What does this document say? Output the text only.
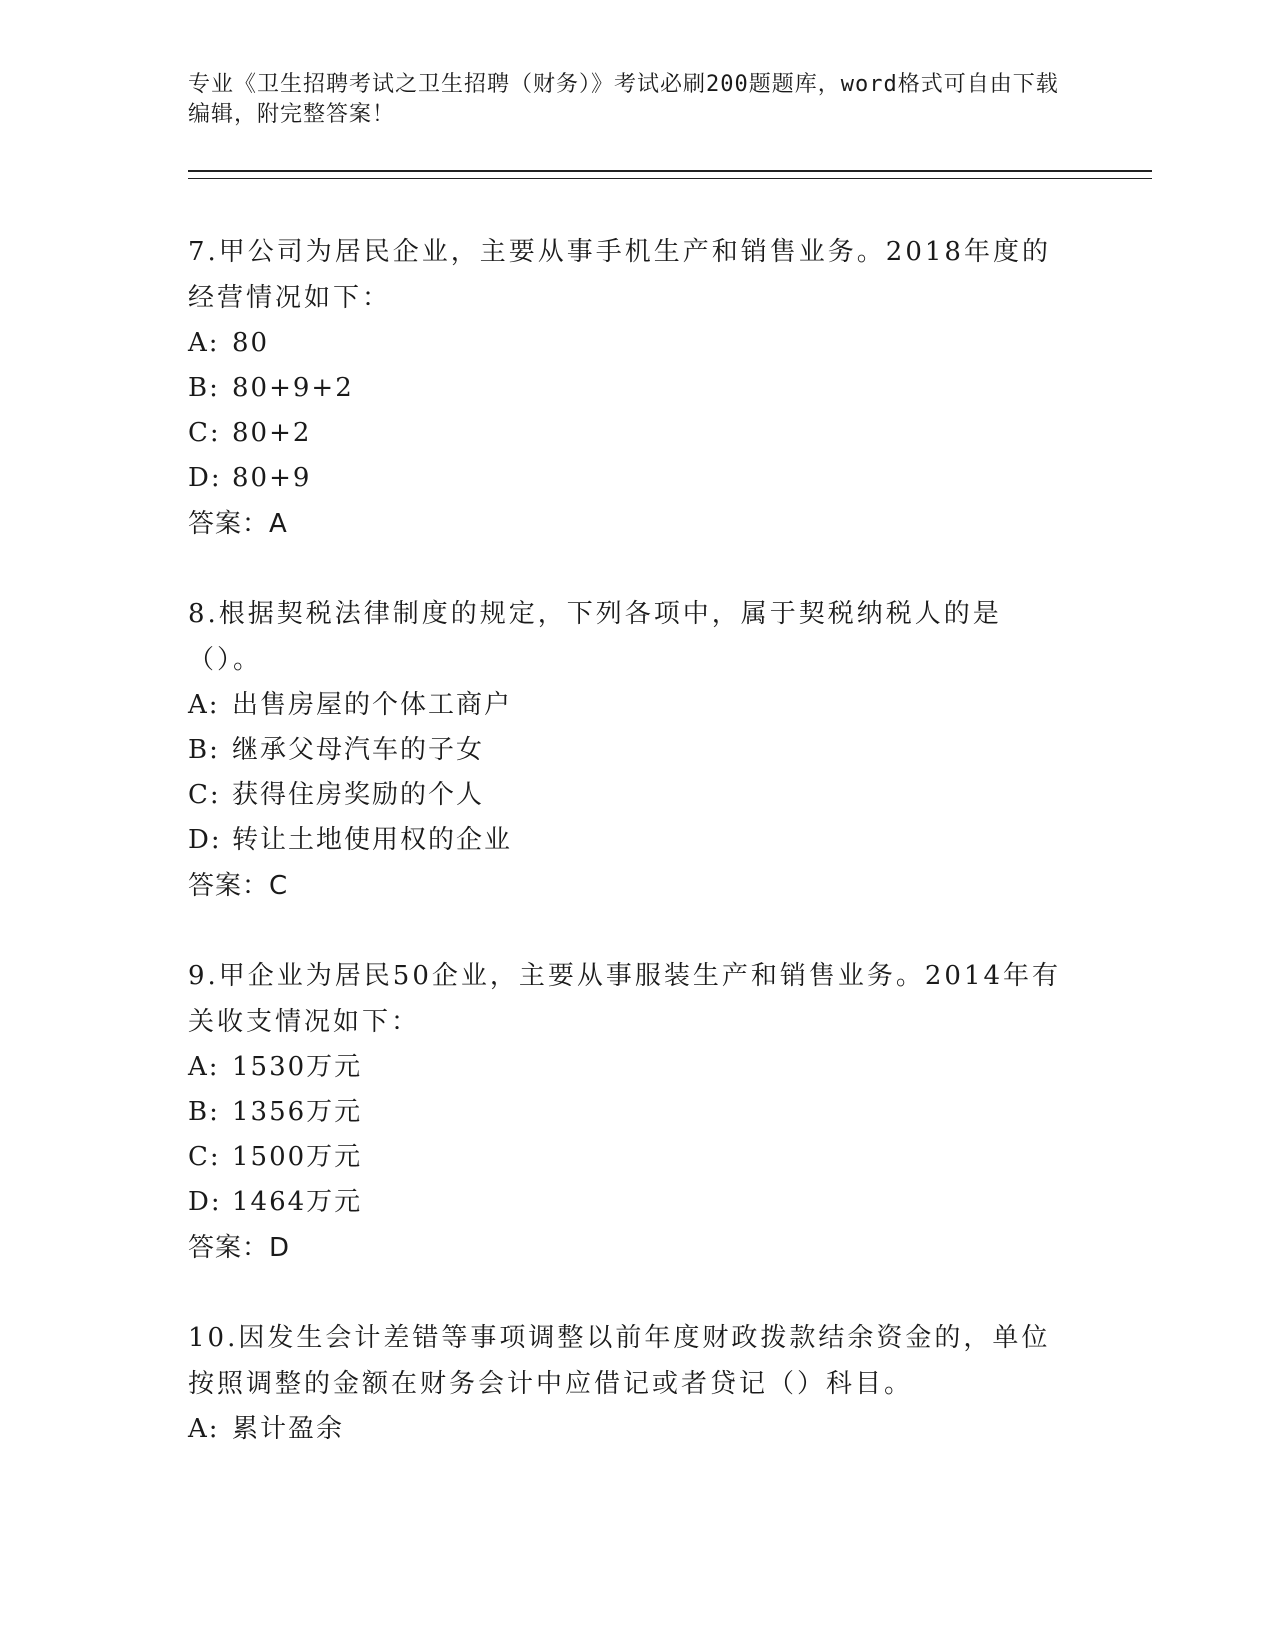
专业《卫生招聘考试之卫生招聘（财务）》考试必刷200题题库，word格式可自由下载编辑，附完整答案！

7.甲公司为居民企业，主要从事手机生产和销售业务。2018年度的经营情况如下：

A: 80

B: 80+9+2

C: 80+2

D: 80+9

答案：A

8.根据契税法律制度的规定，下列各项中，属于契税纳税人的是（）。

A: 出售房屋的个体工商户

B: 继承父母汽车的子女

C: 获得住房奖励的个人

D: 转让土地使用权的企业

答案：C

9.甲企业为居民50企业，主要从事服装生产和销售业务。2014年有关收支情况如下：

A: 1530万元

B: 1356万元

C: 1500万元

D: 1464万元

答案：D

10.因发生会计差错等事项调整以前年度财政拨款结余资金的，单位按照调整的金额在财务会计中应借记或者贷记（）科目。

A: 累计盈余
